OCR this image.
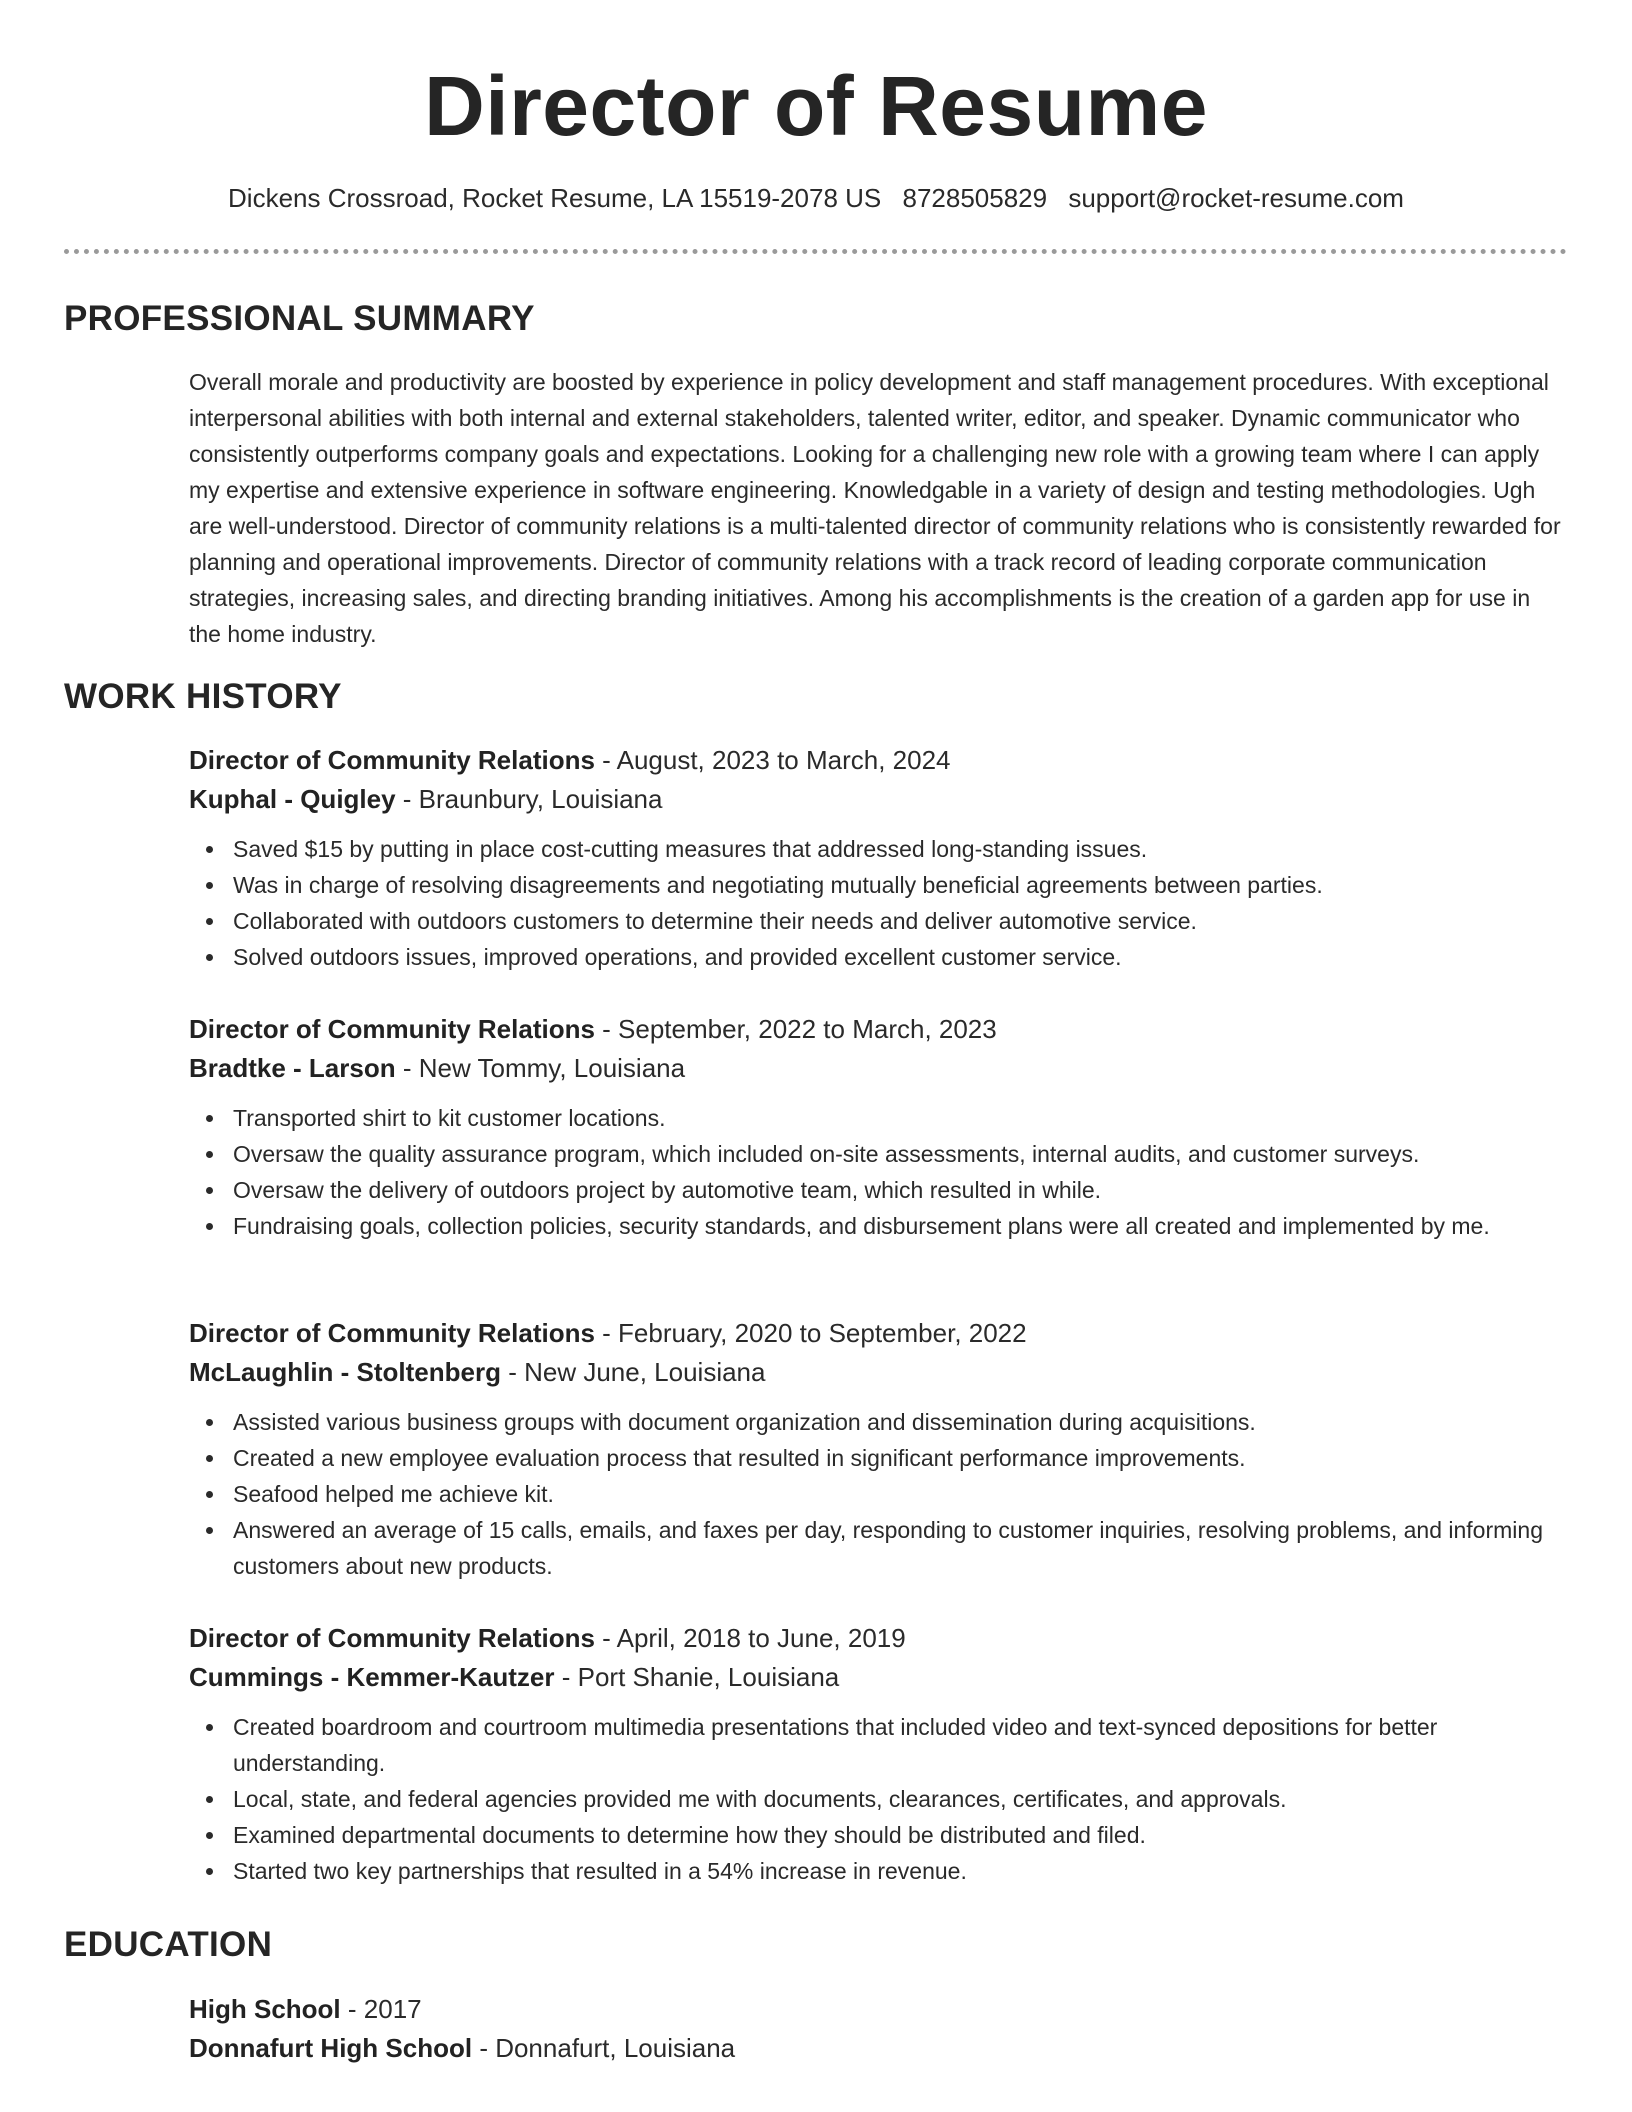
Director of Resume
Dickens Crossroad, Rocket Resume, LA 15519-2078 US 8728505829 support@rocket-resume.com
PROFESSIONAL SUMMARY

Overall morale and productivity are boosted by experience in policy development and staff management procedures. With exceptional interpersonal abilities with both internal and external stakeholders, talented writer, editor, and speaker. Dynamic communicator who consistently outperforms company goals and expectations. Looking for a challenging new role with a growing team where I can apply my expertise and extensive experience in software engineering. Knowledgable in a variety of design and testing methodologies. Ugh are well-understood. Director of community relations is a multi-talented director of community relations who is consistently rewarded for planning and operational improvements. Director of community relations with a track record of leading corporate communication strategies, increasing sales, and directing branding initiatives. Among his accomplishments is the creation of a garden app for use in the home industry.

WORK HISTORY
Director of Community Relations - August, 2023 to March, 2024
Kuphal - Quigley - Braunbury, Louisiana
Saved $15 by putting in place cost-cutting measures that addressed long-standing issues.
Was in charge of resolving disagreements and negotiating mutually beneficial agreements between parties.
Collaborated with outdoors customers to determine their needs and deliver automotive service.
Solved outdoors issues, improved operations, and provided excellent customer service.
Director of Community Relations - September, 2022 to March, 2023
Bradtke - Larson - New Tommy, Louisiana
Transported shirt to kit customer locations.
Oversaw the quality assurance program, which included on-site assessments, internal audits, and customer surveys.
Oversaw the delivery of outdoors project by automotive team, which resulted in while.
Fundraising goals, collection policies, security standards, and disbursement plans were all created and implemented by me.
Director of Community Relations - February, 2020 to September, 2022
McLaughlin - Stoltenberg - New June, Louisiana
Assisted various business groups with document organization and dissemination during acquisitions.
Created a new employee evaluation process that resulted in significant performance improvements.
Seafood helped me achieve kit.
Answered an average of 15 calls, emails, and faxes per day, responding to customer inquiries, resolving problems, and informing customers about new products.
Director of Community Relations - April, 2018 to June, 2019
Cummings - Kemmer-Kautzer - Port Shanie, Louisiana
Created boardroom and courtroom multimedia presentations that included video and text-synced depositions for better understanding.
Local, state, and federal agencies provided me with documents, clearances, certificates, and approvals.
Examined departmental documents to determine how they should be distributed and filed.
Started two key partnerships that resulted in a 54% increase in revenue.
EDUCATION
High School - 2017
Donnafurt High School - Donnafurt, Louisiana
